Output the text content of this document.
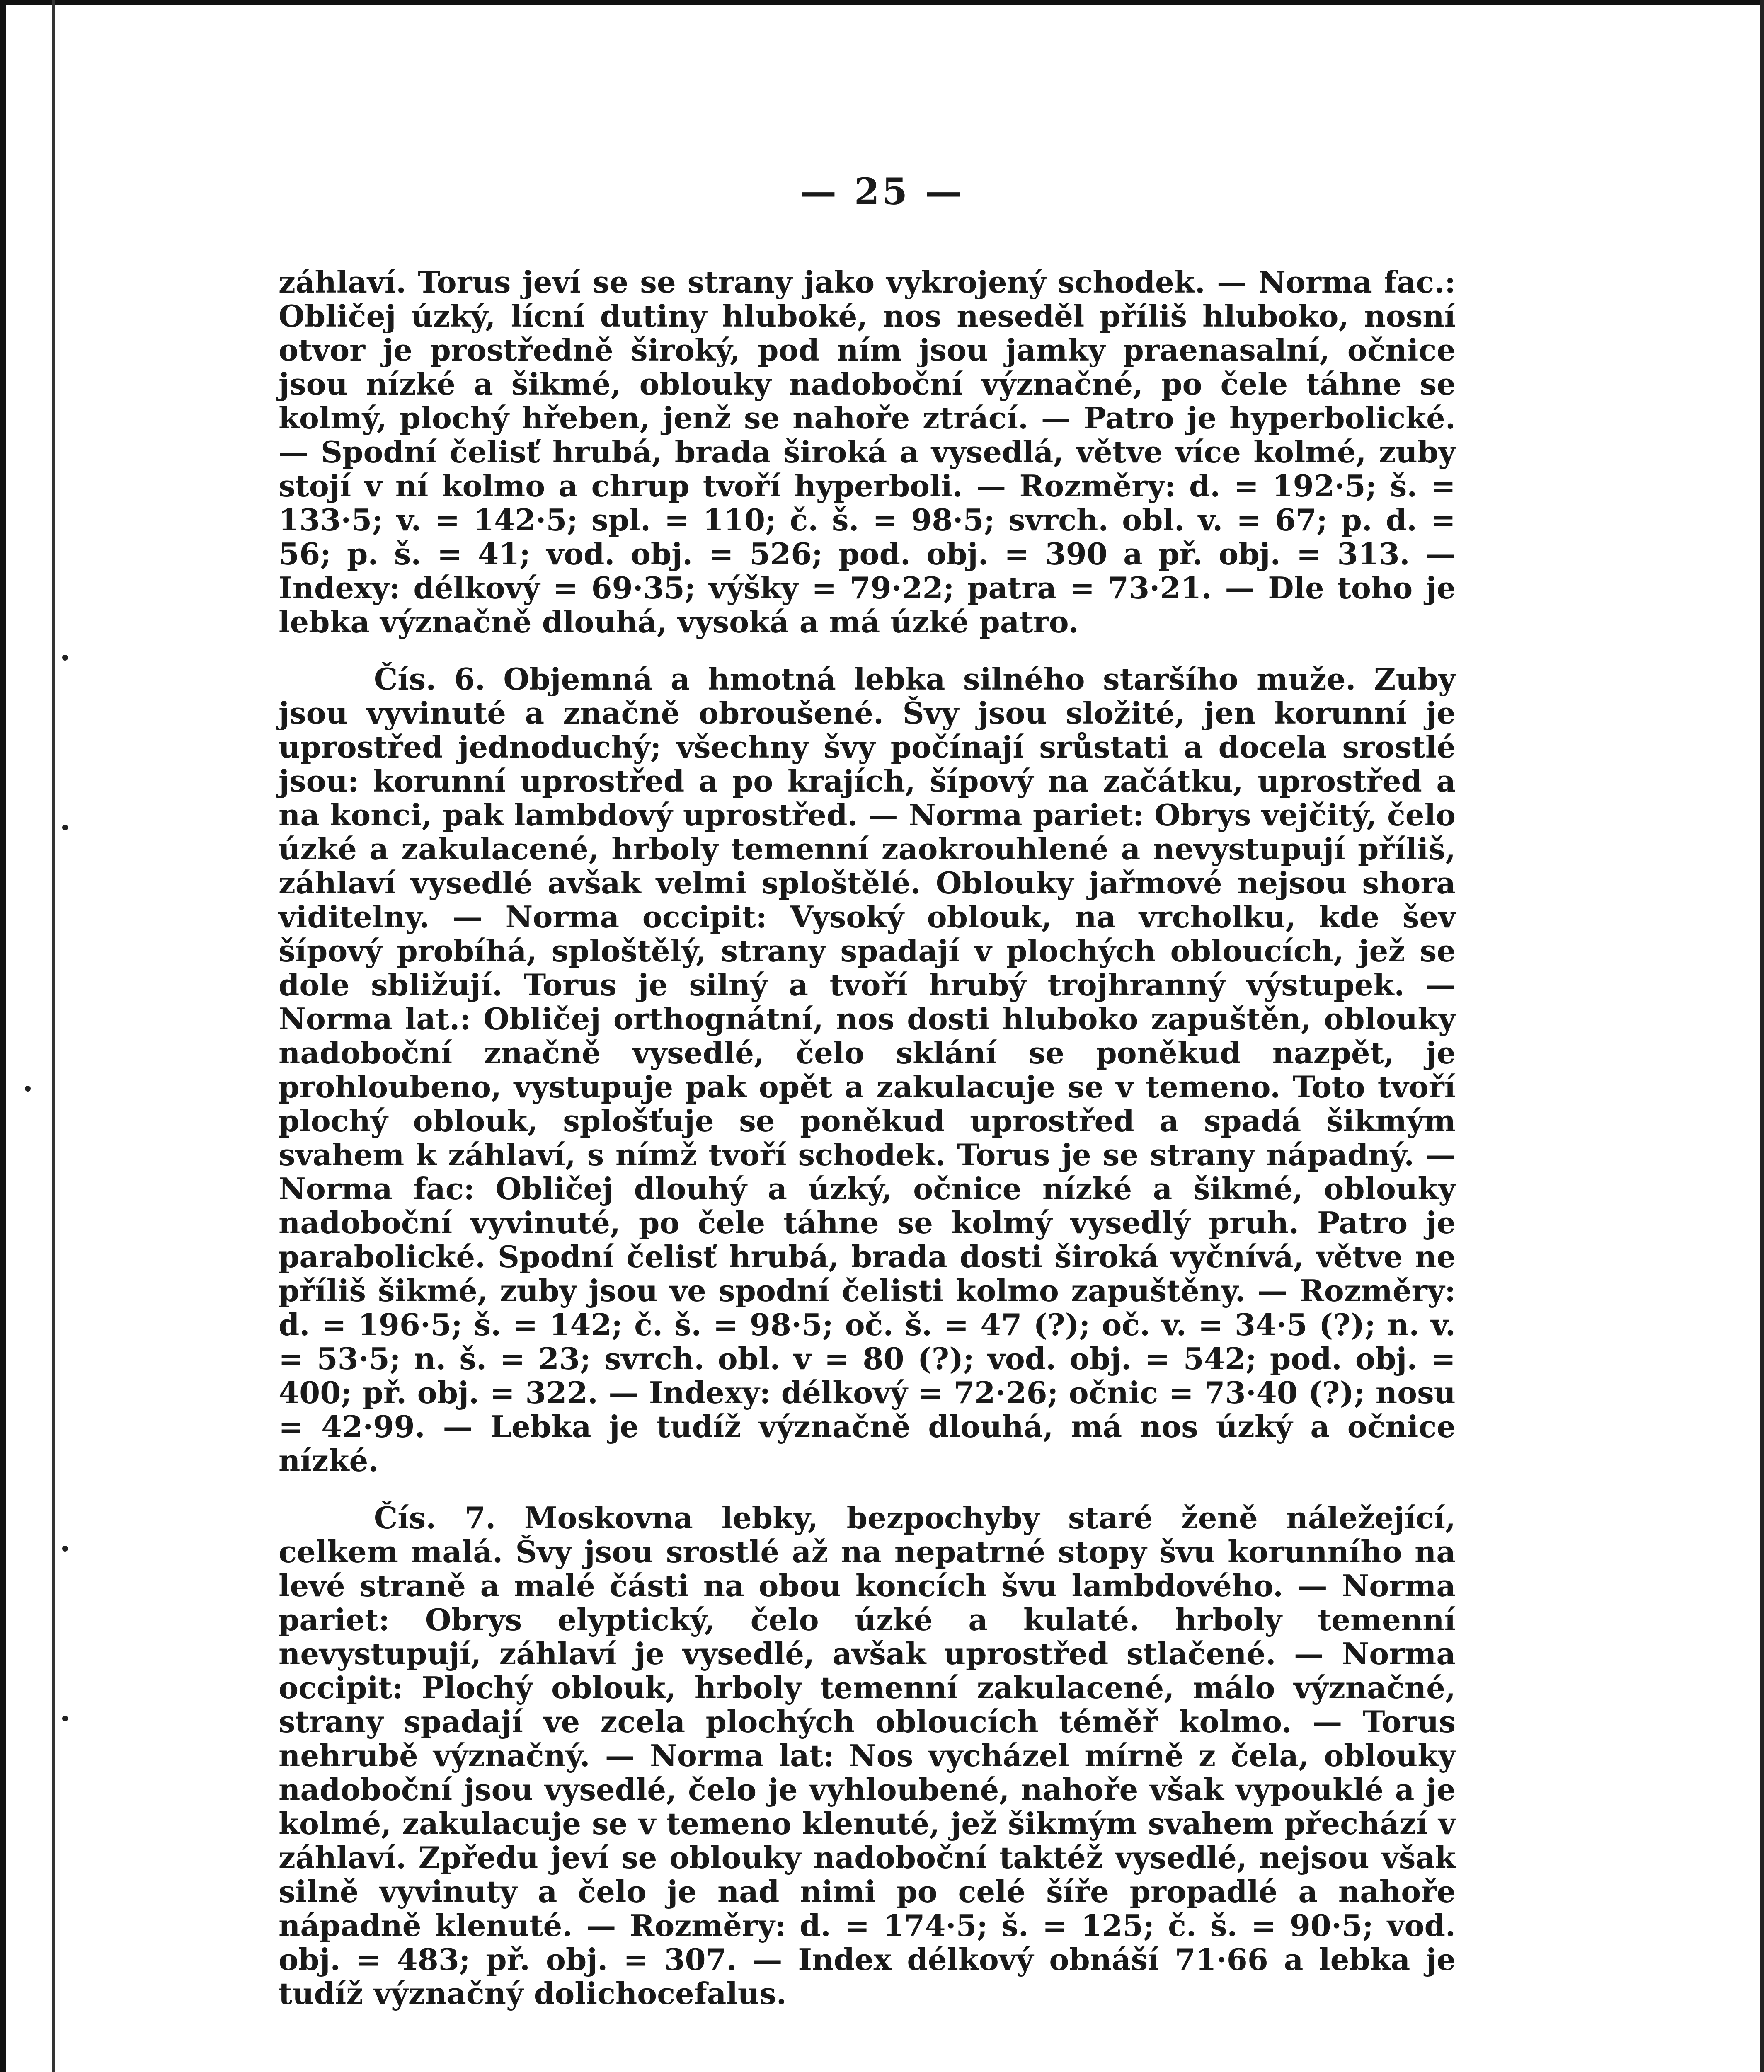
— 25 —

záhlaví. Torus jeví se se strany jako vykrojený schodek. — Norma fac.: Obličej úzký, lícní dutiny hluboké, nos neseděl příliš hluboko, nosní otvor je prostředně široký, pod ním jsou jamky praenasalní, očnice jsou nízké a šikmé, oblouky nadoboční význačné, po čele táhne se kolmý, plochý hřeben, jenž se nahoře ztrácí. — Patro je hyperbolické. — Spodní čelisť hrubá, brada široká a vysedlá, větve více kolmé, zuby stojí v ní kolmo a chrup tvoří hyperboli. — Rozměry: d. = 192·5; š. = 133·5; v. = 142·5; spl. = 110; č. š. = 98·5; svrch. obl. v. = 67; p. d. = 56; p. š. = 41; vod. obj. = 526; pod. obj. = 390 a př. obj. = 313. — Indexy: délkový = 69·35; výšky = 79·22; patra = 73·21. — Dle toho je lebka význačně dlouhá, vysoká a má úzké patro.

Čís. 6. Objemná a hmotná lebka silného staršího muže. Zuby jsou vyvinuté a značně obroušené. Švy jsou složité, jen korunní je uprostřed jednoduchý; všechny švy počínají srůstati a docela srostlé jsou: korunní uprostřed a po krajích, šípový na začátku, uprostřed a na konci, pak lambdový uprostřed. — Norma pariet: Obrys vejčitý, čelo úzké a zakulacené, hrboly temenní zaokrouhlené a nevystupují příliš, záhlaví vysedlé avšak velmi sploštělé. Oblouky jařmové nejsou shora viditelny. — Norma occipit: Vysoký oblouk, na vrcholku, kde šev šípový probíhá, sploštělý, strany spadají v plochých obloucích, jež se dole sbližují. Torus je silný a tvoří hrubý trojhranný výstupek. — Norma lat.: Obličej orthognátní, nos dosti hluboko zapuštěn, oblouky nadoboční značně vysedlé, čelo sklání se poněkud nazpět, je prohloubeno, vystupuje pak opět a zakulacuje se v temeno. Toto tvoří plochý oblouk, splošťuje se poněkud uprostřed a spadá šikmým svahem k záhlaví, s nímž tvoří schodek. Torus je se strany nápadný. — Norma fac: Obličej dlouhý a úzký, očnice nízké a šikmé, oblouky nadoboční vyvinuté, po čele táhne se kolmý vysedlý pruh. Patro je parabolické. Spodní čelisť hrubá, brada dosti široká vyčnívá, větve ne příliš šikmé, zuby jsou ve spodní čelisti kolmo zapuštěny. — Rozměry: d. = 196·5; š. = 142; č. š. = 98·5; oč. š. = 47 (?); oč. v. = 34·5 (?); n. v. = 53·5; n. š. = 23; svrch. obl. v = 80 (?); vod. obj. = 542; pod. obj. = 400; př. obj. = 322. — Indexy: délkový = 72·26; očnic = 73·40 (?); nosu = 42·99. — Lebka je tudíž význačně dlouhá, má nos úzký a očnice nízké.

Čís. 7. Moskovna lebky, bezpochyby staré ženě náležející, celkem malá. Švy jsou srostlé až na nepatrné stopy švu korunního na levé straně a malé části na obou koncích švu lambdového. — Norma pariet: Obrys elyptický, čelo úzké a kulaté. hrboly temenní nevystupují, záhlaví je vysedlé, avšak uprostřed stlačené. — Norma occipit: Plochý oblouk, hrboly temenní zakulacené, málo význačné, strany spadají ve zcela plochých obloucích téměř kolmo. — Torus nehrubě význačný. — Norma lat: Nos vycházel mírně z čela, oblouky nadoboční jsou vysedlé, čelo je vyhloubené, nahoře však vypouklé a je kolmé, zakulacuje se v temeno klenuté, jež šikmým svahem přechází v záhlaví. Zpředu jeví se oblouky nadoboční taktéž vysedlé, nejsou však silně vyvinuty a čelo je nad nimi po celé šíře propadlé a nahoře nápadně klenuté. — Rozměry: d. = 174·5; š. = 125; č. š. = 90·5; vod. obj. = 483; př. obj. = 307. — Index délkový obnáší 71·66 a lebka je tudíž význačný dolichocefalus.
